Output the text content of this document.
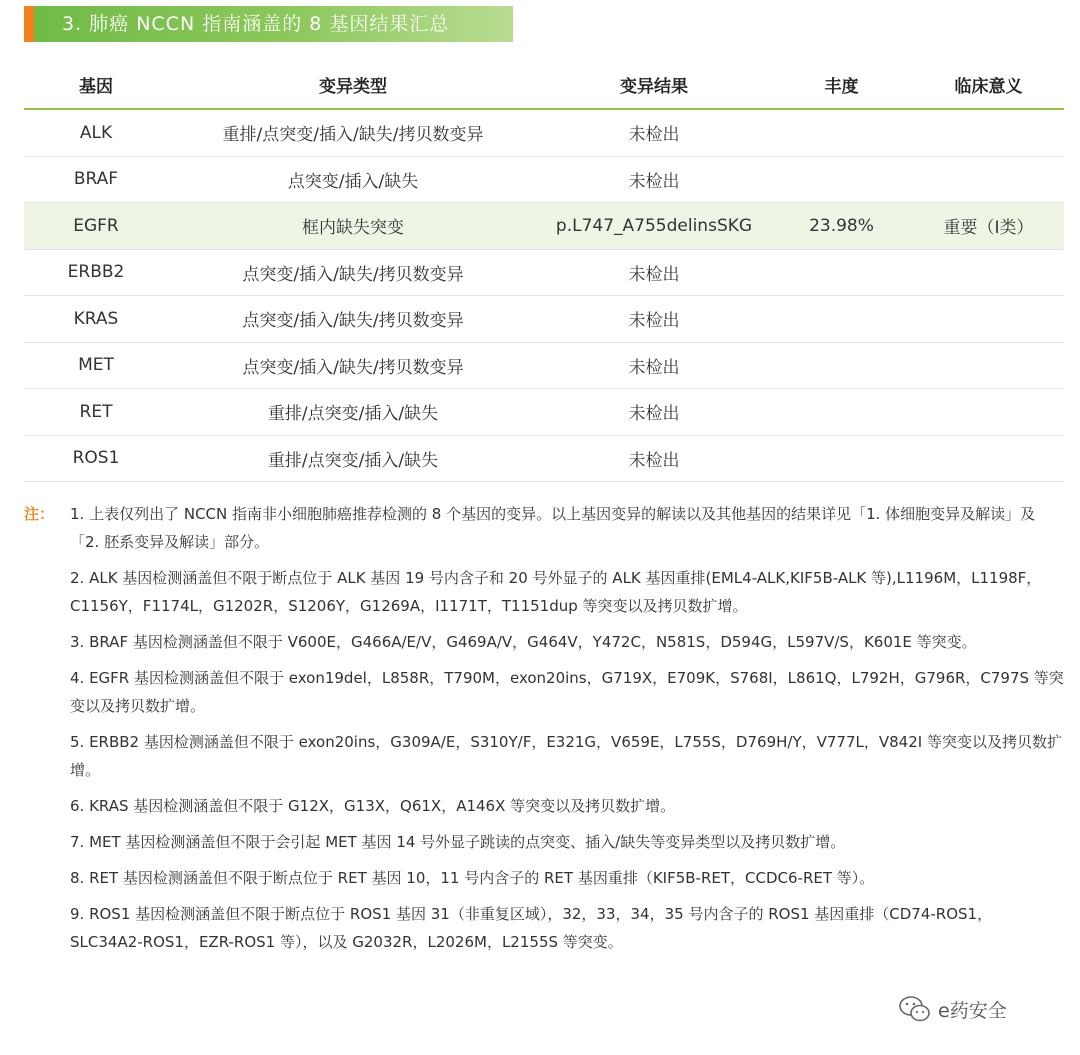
3. 肺癌 NCCN 指南涵盖的 8 基因结果汇总
基因	变异类型	变异结果	丰度	临床意义
ALK	重排/点突变/插入/缺失/拷贝数变异	未检出		
BRAF	点突变/插入/缺失	未检出		
EGFR	框内缺失突变	p.L747_A755delinsSKG	23.98%	重要（Ⅰ类）
ERBB2	点突变/插入/缺失/拷贝数变异	未检出		
KRAS	点突变/插入/缺失/拷贝数变异	未检出		
MET	点突变/插入/缺失/拷贝数变异	未检出		
RET	重排/点突变/插入/缺失	未检出		
ROS1	重排/点突变/插入/缺失	未检出		
注： 1. 上表仅列出了 NCCN 指南非小细胞肺癌推荐检测的 8 个基因的变异。以上基因变异的解读以及其他基因的结果详见「1. 体细胞变异及解读」及「2. 胚系变异及解读」部分。

2. ALK 基因检测涵盖但不限于断点位于 ALK 基因 19 号内含子和 20 号外显子的 ALK 基因重排(EML4-ALK,KIF5B-ALK 等),L1196M，L1198F，C1156Y，F1174L，G1202R，S1206Y，G1269A，I1171T，T1151dup 等突变以及拷贝数扩增。

3. BRAF 基因检测涵盖但不限于 V600E，G466A/E/V，G469A/V，G464V，Y472C，N581S，D594G，L597V/S，K601E 等突变。

4. EGFR 基因检测涵盖但不限于 exon19del，L858R，T790M，exon20ins，G719X，E709K，S768I，L861Q，L792H，G796R，C797S 等突变以及拷贝数扩增。

5. ERBB2 基因检测涵盖但不限于 exon20ins，G309A/E，S310Y/F，E321G，V659E，L755S，D769H/Y，V777L，V842I 等突变以及拷贝数扩增。

6. KRAS 基因检测涵盖但不限于 G12X，G13X，Q61X，A146X 等突变以及拷贝数扩增。

7. MET 基因检测涵盖但不限于会引起 MET 基因 14 号外显子跳读的点突变、插入/缺失等变异类型以及拷贝数扩增。

8. RET 基因检测涵盖但不限于断点位于 RET 基因 10，11 号内含子的 RET 基因重排（KIF5B-RET，CCDC6-RET 等）。

9. ROS1 基因检测涵盖但不限于断点位于 ROS1 基因 31（非重复区域），32，33，34，35 号内含子的 ROS1 基因重排（CD74-ROS1，SLC34A2-ROS1，EZR-ROS1 等），以及 G2032R，L2026M，L2155S 等突变。

e药安全
